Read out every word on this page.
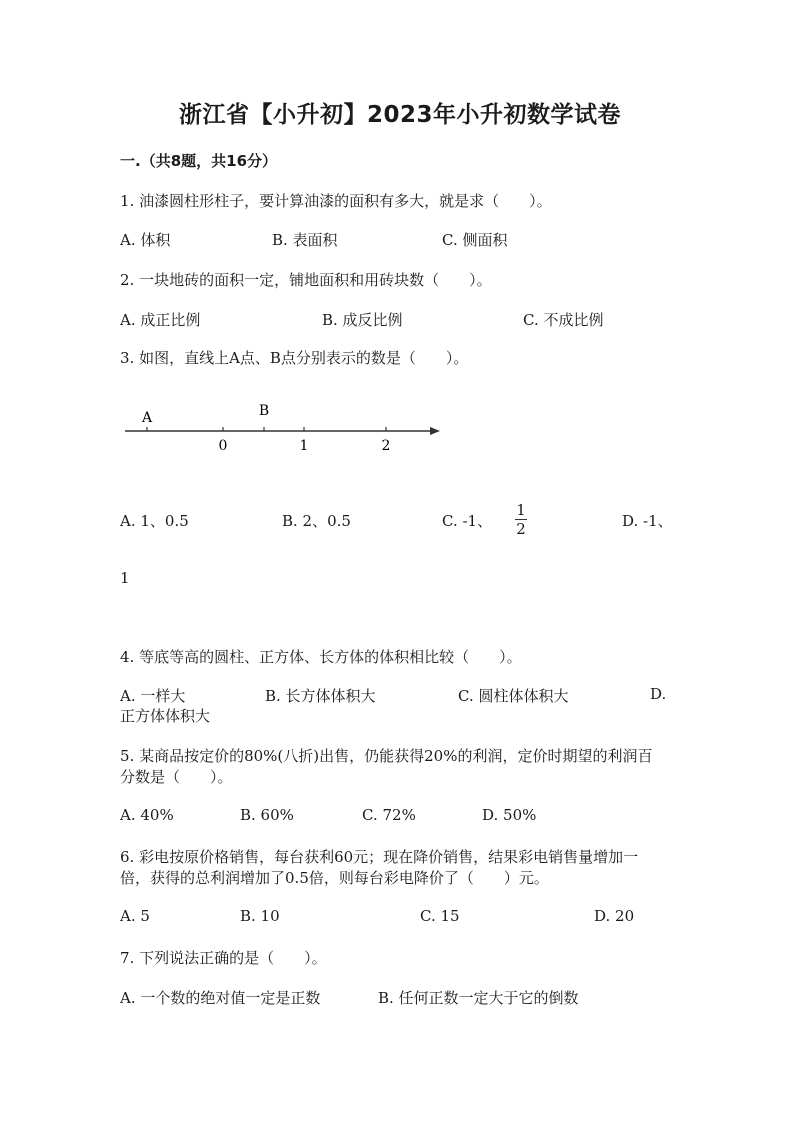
浙江省【小升初】2023年小升初数学试卷
一.（共8题，共16分）
1. 油漆圆柱形柱子，要计算油漆的面积有多大，就是求（　　）。
A. 体积	B. 表面积	C. 侧面积
2. 一块地砖的面积一定，铺地面积和用砖块数（　　）。
A. 成正比例	B. 成反比例	C. 不成比例
3. 如图，直线上A点、B点分别表示的数是（　　）。
A	B
0	1	2
A. 1、0.5	B. 2、0.5	C. -1、
1
2	D. -1、
1
4. 等底等高的圆柱、正方体、长方体的体积相比较（　　）。
A. 一样大	B. 长方体体积大	C. 圆柱体体积大	D.
正方体体积大
5. 某商品按定价的80%(八折)出售，仍能获得20%的利润，定价时期望的利润百
分数是（　　）。
A. 40%	B. 60%	C. 72%	D. 50%
6. 彩电按原价格销售，每台获利60元；现在降价销售，结果彩电销售量增加一
倍，获得的总利润增加了0.5倍，则每台彩电降价了（　　）元。
A. 5	B. 10	C. 15	D. 20
7. 下列说法正确的是（　　）。
A. 一个数的绝对值一定是正数	B. 任何正数一定大于它的倒数
